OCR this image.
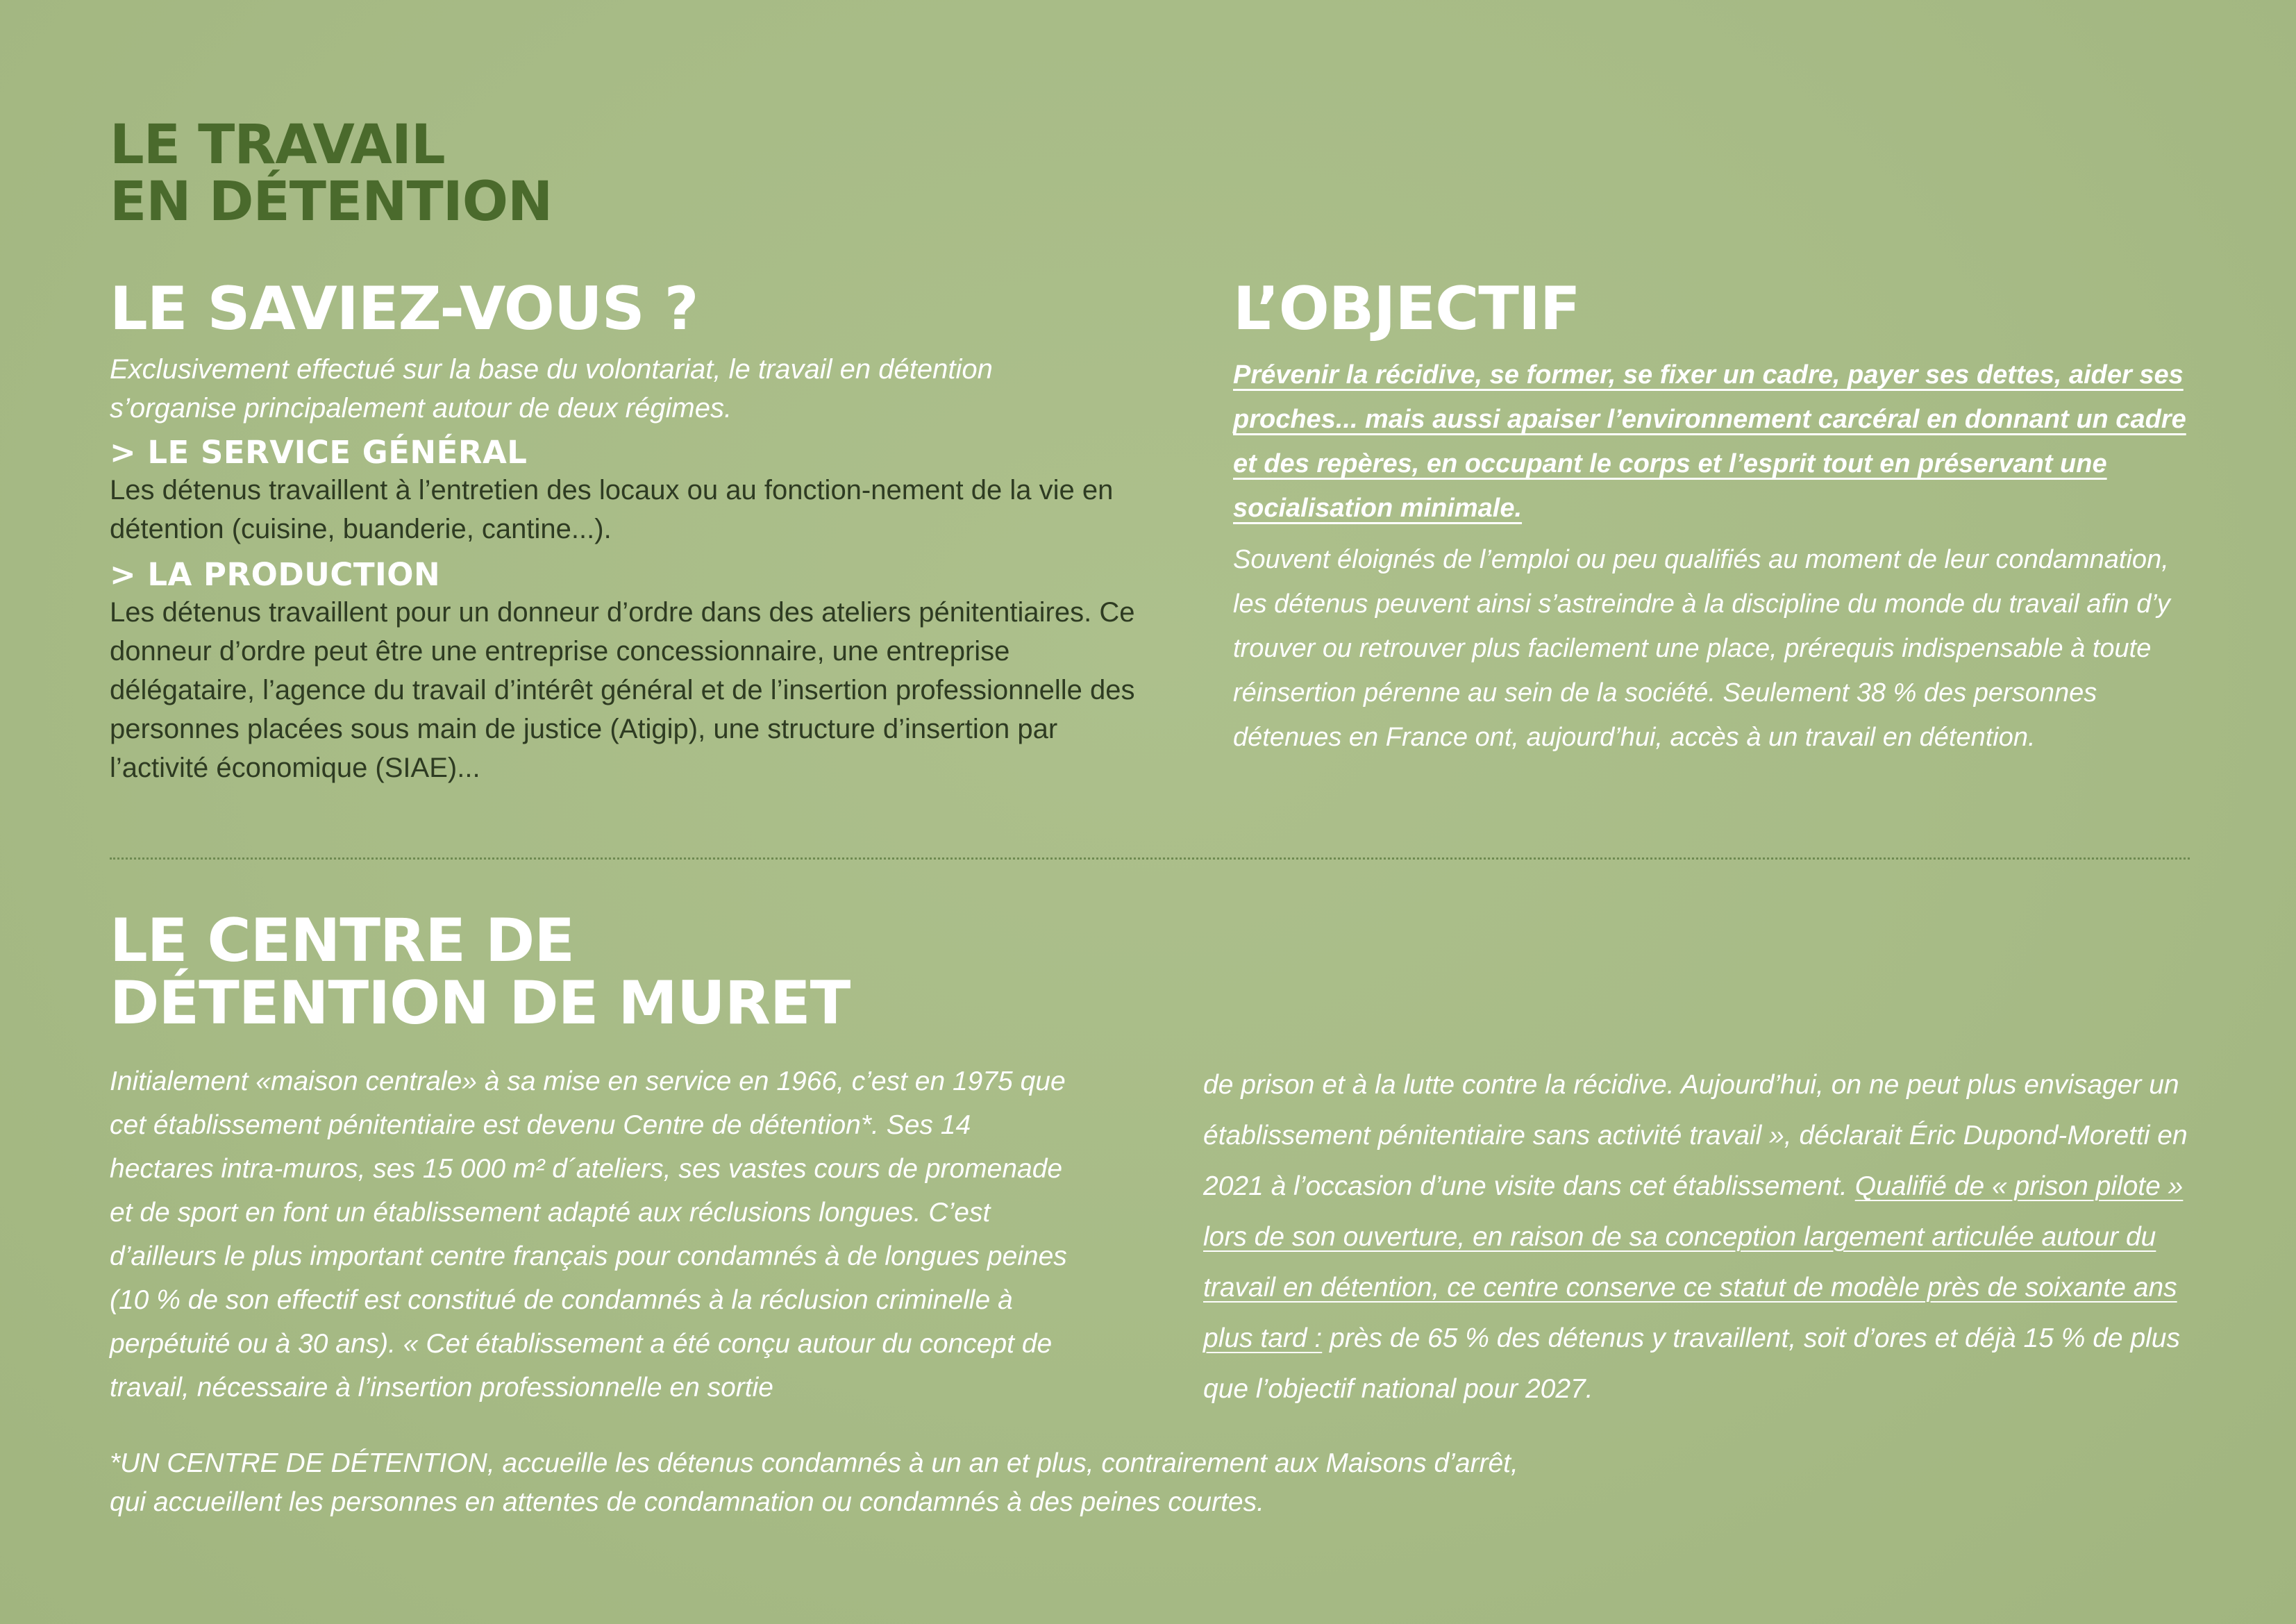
LE TRAVAIL
EN DÉTENTION
LE SAVIEZ-VOUS ?

Exclusivement effectué sur la base du volontariat, le travail en détention s’organise principalement autour de deux régimes.

> LE SERVICE GÉNÉRAL

Les détenus travaillent à l’entretien des locaux ou au fonction-nement de la vie en détention (cuisine, buanderie, cantine...).

> LA PRODUCTION

Les détenus travaillent pour un donneur d’ordre dans des ateliers pénitentiaires. Ce donneur d’ordre peut être une entreprise concessionnaire, une entreprise délégataire, l’agence du travail d’intérêt général et de l’insertion professionnelle des personnes placées sous main de justice (Atigip), une structure d’insertion par l’activité économique (SIAE)...

L’OBJECTIF

Prévenir la récidive, se former, se fixer un cadre, payer ses dettes, aider ses proches... mais aussi apaiser l’environnement carcéral en donnant un cadre et des repères, en occupant le corps et l’esprit tout en préservant une socialisation minimale.

Souvent éloignés de l’emploi ou peu qualifiés au moment de leur condamnation, les détenus peuvent ainsi s’astreindre à la discipline du monde du travail afin d’y trouver ou retrouver plus facilement une place, prérequis indispensable à toute réinsertion pérenne au sein de la société. Seulement 38 % des personnes détenues en France ont, aujourd’hui, accès à un travail en détention.

LE CENTRE DE
DÉTENTION DE MURET

Initialement «maison centrale» à sa mise en service en 1966, c’est en 1975 que cet établissement pénitentiaire est devenu Centre de détention*. Ses 14 hectares intra-muros, ses 15 000 m² d´ateliers, ses vastes cours de promenade et de sport en font un établissement adapté aux réclusions longues. C’est d’ailleurs le plus important centre français pour condamnés à de longues peines (10 % de son effectif est constitué de condamnés à la réclusion criminelle à perpétuité ou à 30 ans). « Cet établissement a été conçu autour du concept de travail, nécessaire à l’insertion professionnelle en sortie

de prison et à la lutte contre la récidive. Aujourd’hui, on ne peut plus envisager un établissement pénitentiaire sans activité travail », déclarait Éric Dupond-Moretti en 2021 à l’occasion d’une visite dans cet établissement. Qualifié de « prison pilote » lors de son ouverture, en raison de sa conception largement articulée autour du travail en détention, ce centre conserve ce statut de modèle près de soixante ans plus tard : près de 65 % des détenus y travaillent, soit d’ores et déjà 15 % de plus que l’objectif national pour 2027.

*UN CENTRE DE DÉTENTION, accueille les détenus condamnés à un an et plus, contrairement aux Maisons d’arrêt,

qui accueillent les personnes en attentes de condamnation ou condamnés à des peines courtes.
